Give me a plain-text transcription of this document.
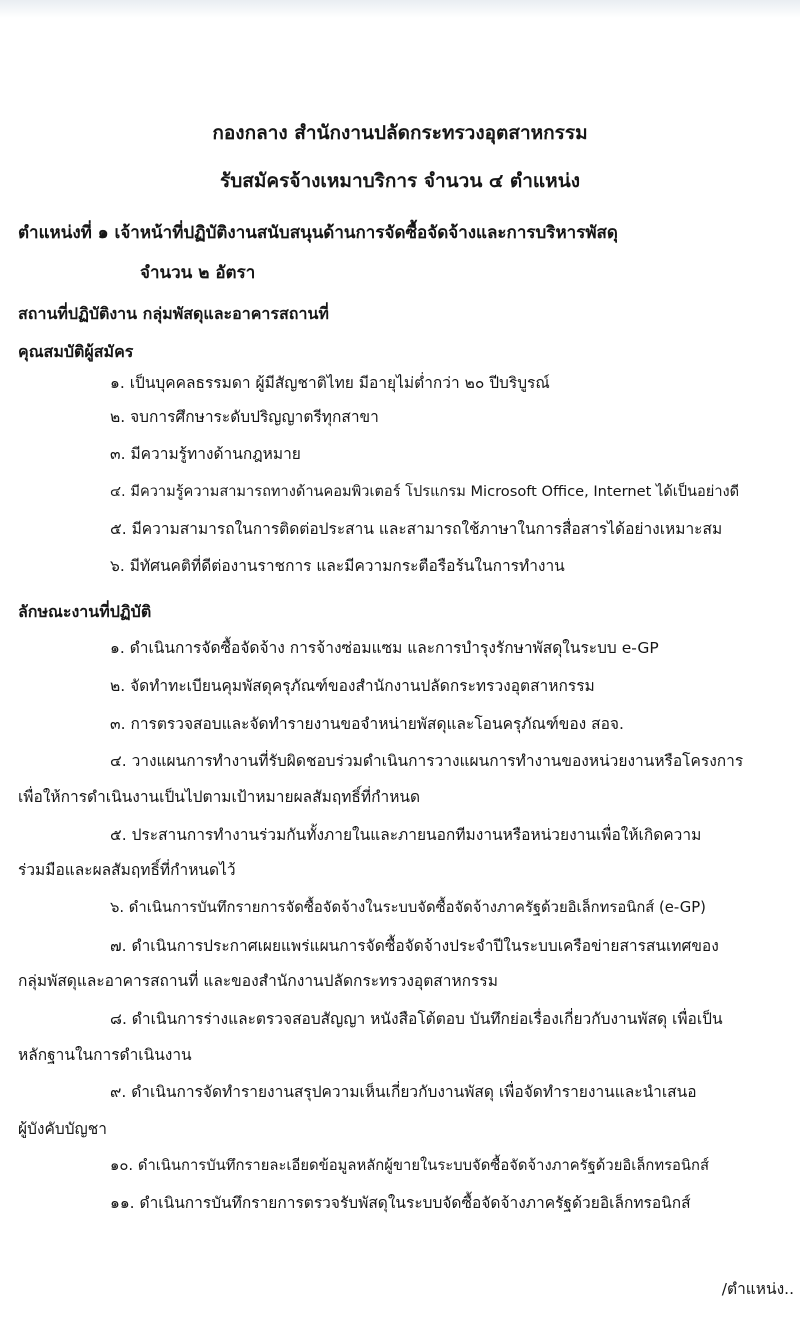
กองกลาง สำนักงานปลัดกระทรวงอุตสาหกรรม
รับสมัครจ้างเหมาบริการ จำนวน ๔ ตำแหน่ง
ตำแหน่งที่ ๑ เจ้าหน้าที่ปฏิบัติงานสนับสนุนด้านการจัดซื้อจัดจ้างและการบริหารพัสดุ
จำนวน ๒ อัตรา
สถานที่ปฏิบัติงาน กลุ่มพัสดุและอาคารสถานที่
คุณสมบัติผู้สมัคร
๑. เป็นบุคคลธรรมดา ผู้มีสัญชาติไทย มีอายุไม่ต่ำกว่า ๒๐ ปีบริบูรณ์
๒. จบการศึกษาระดับปริญญาตรีทุกสาขา
๓. มีความรู้ทางด้านกฎหมาย
๔. มีความรู้ความสามารถทางด้านคอมพิวเตอร์ โปรแกรม Microsoft Office, Internet ได้เป็นอย่างดี
๕. มีความสามารถในการติดต่อประสาน และสามารถใช้ภาษาในการสื่อสารได้อย่างเหมาะสม
๖. มีทัศนคติที่ดีต่องานราชการ และมีความกระตือรือร้นในการทำงาน
ลักษณะงานที่ปฏิบัติ
๑. ดำเนินการจัดซื้อจัดจ้าง การจ้างซ่อมแซม และการบำรุงรักษาพัสดุในระบบ e-GP
๒. จัดทำทะเบียนคุมพัสดุครุภัณฑ์ของสำนักงานปลัดกระทรวงอุตสาหกรรม
๓. การตรวจสอบและจัดทำรายงานขอจำหน่ายพัสดุและโอนครุภัณฑ์ของ สอจ.
๔. วางแผนการทำงานที่รับผิดชอบร่วมดำเนินการวางแผนการทำงานของหน่วยงานหรือโครงการ
เพื่อให้การดำเนินงานเป็นไปตามเป้าหมายผลสัมฤทธิ์ที่กำหนด
๕. ประสานการทำงานร่วมกันทั้งภายในและภายนอกทีมงานหรือหน่วยงานเพื่อให้เกิดความ
ร่วมมือและผลสัมฤทธิ์ที่กำหนดไว้
๖. ดำเนินการบันทึกรายการจัดซื้อจัดจ้างในระบบจัดซื้อจัดจ้างภาครัฐด้วยอิเล็กทรอนิกส์ (e-GP)
๗. ดำเนินการประกาศเผยแพร่แผนการจัดซื้อจัดจ้างประจำปีในระบบเครือข่ายสารสนเทศของ
กลุ่มพัสดุและอาคารสถานที่ และของสำนักงานปลัดกระทรวงอุตสาหกรรม
๘. ดำเนินการร่างและตรวจสอบสัญญา หนังสือโต้ตอบ บันทึกย่อเรื่องเกี่ยวกับงานพัสดุ เพื่อเป็น
หลักฐานในการดำเนินงาน
๙. ดำเนินการจัดทำรายงานสรุปความเห็นเกี่ยวกับงานพัสดุ เพื่อจัดทำรายงานและนำเสนอ
ผู้บังคับบัญชา
๑๐. ดำเนินการบันทึกรายละเอียดข้อมูลหลักผู้ขายในระบบจัดซื้อจัดจ้างภาครัฐด้วยอิเล็กทรอนิกส์
๑๑. ดำเนินการบันทึกรายการตรวจรับพัสดุในระบบจัดซื้อจัดจ้างภาครัฐด้วยอิเล็กทรอนิกส์
/ตำแหน่ง..
